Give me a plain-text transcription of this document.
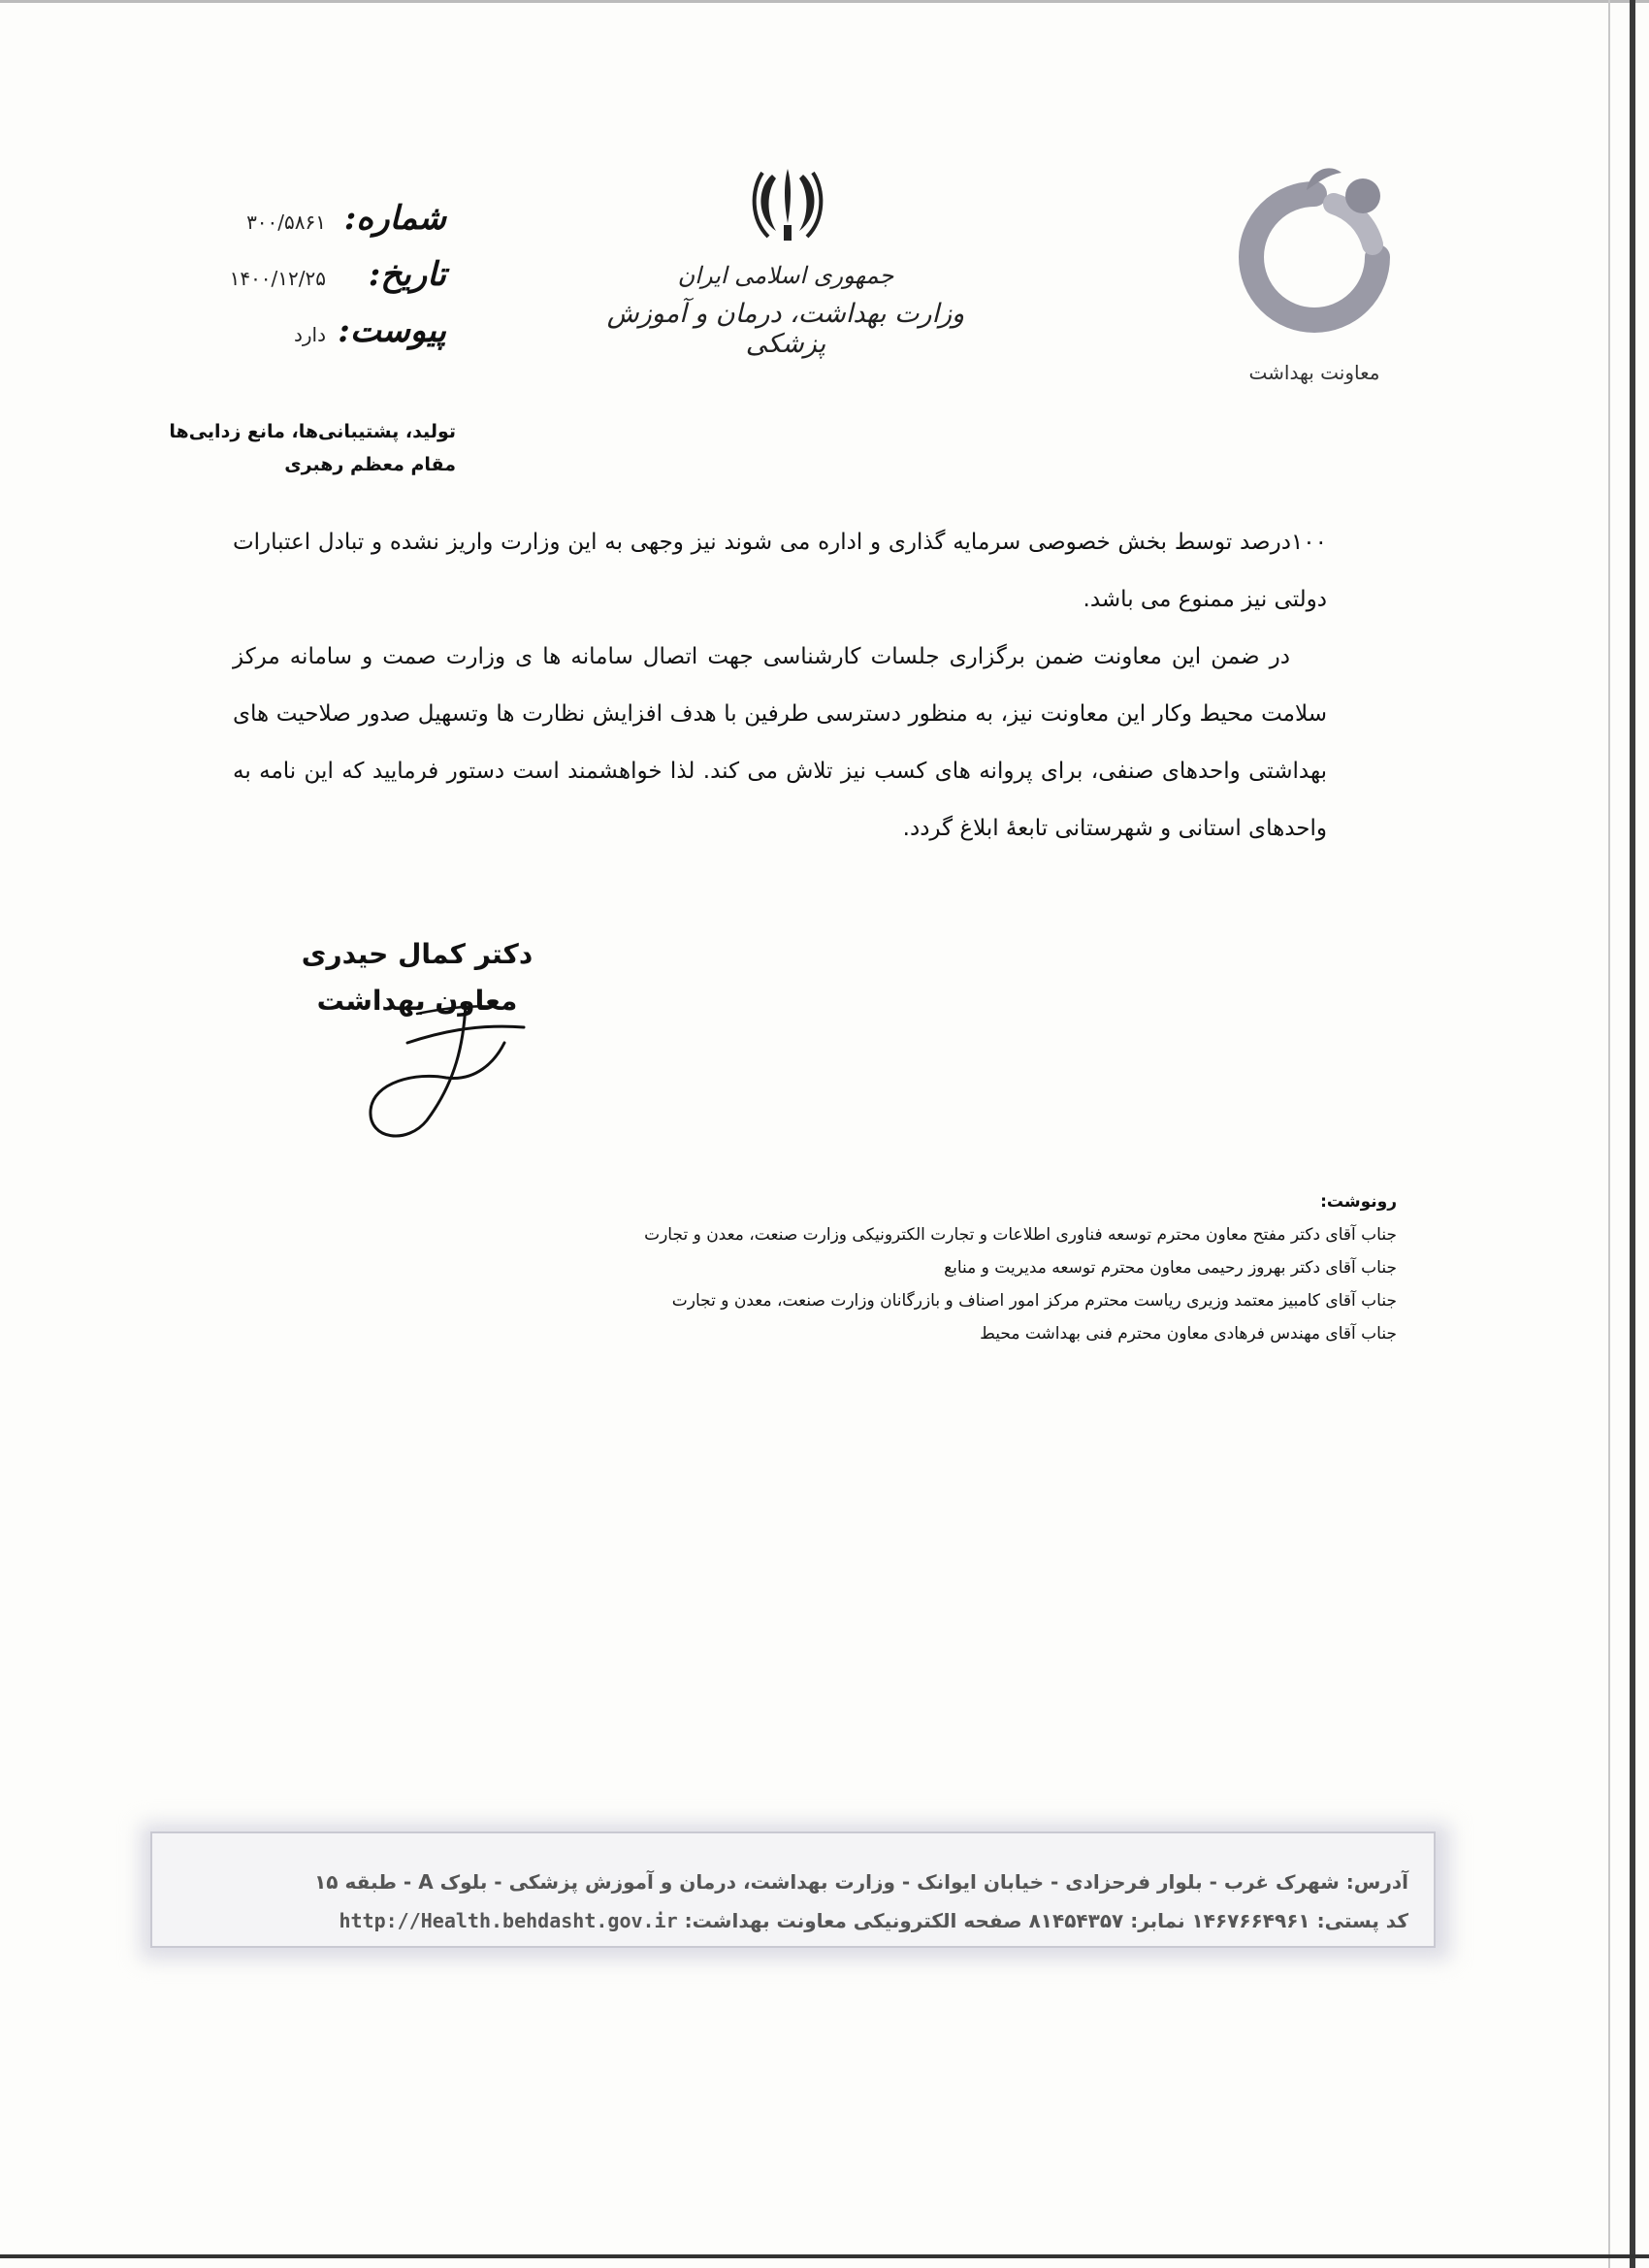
جمهوری اسلامی ایران
وزارت بهداشت، درمان و آموزش پزشکی
معاونت بهداشت
شماره:
۳۰۰/۵۸۶۱
تاریخ:
۱۴۰۰/۱۲/۲۵
پیوست:
دارد
تولید، پشتیبانی‌ها، مانع زدایی‌ها
مقام معظم رهبری

۱۰۰درصد توسط بخش خصوصی سرمایه گذاری و اداره می شوند نیز وجهی به این وزارت واریز نشده و تبادل اعتبارات دولتی نیز ممنوع می باشد.

در ضمن این معاونت ضمن برگزاری جلسات کارشناسی جهت اتصال سامانه ها ی وزارت صمت و سامانه مرکز سلامت محیط وکار این معاونت نیز، به منظور دسترسی طرفین با هدف افزایش نظارت ها وتسهیل صدور صلاحیت های بهداشتی واحدهای صنفی، برای پروانه های کسب نیز تلاش می کند. لذا خواهشمند است دستور فرمایید که این نامه به واحدهای استانی و شهرستانی تابعهٔ ابلاغ گردد.

دکتر کمال حیدری
معاون بهداشت
رونوشت:
جناب آقای دکتر مفتح معاون محترم توسعه فناوری اطلاعات و تجارت الکترونیکی وزارت صنعت، معدن و تجارت
جناب آقای دکتر بهروز رحیمی معاون محترم توسعه مدیریت و منابع
جناب آقای کامبیز معتمد وزیری ریاست محترم مرکز امور اصناف و بازرگانان وزارت صنعت، معدن و تجارت
جناب آقای مهندس فرهادی معاون محترم فنی بهداشت محیط
آدرس: شهرک غرب - بلوار فرحزادی - خیابان ایوانک - وزارت بهداشت، درمان و آموزش پزشکی - بلوک A - طبقه ۱۵
کد پستی: ۱۴۶۷۶۶۴۹۶۱ نمابر: ۸۱۴۵۴۳۵۷ صفحه الکترونیکی معاونت بهداشت: http://Health.behdasht.gov.ir
